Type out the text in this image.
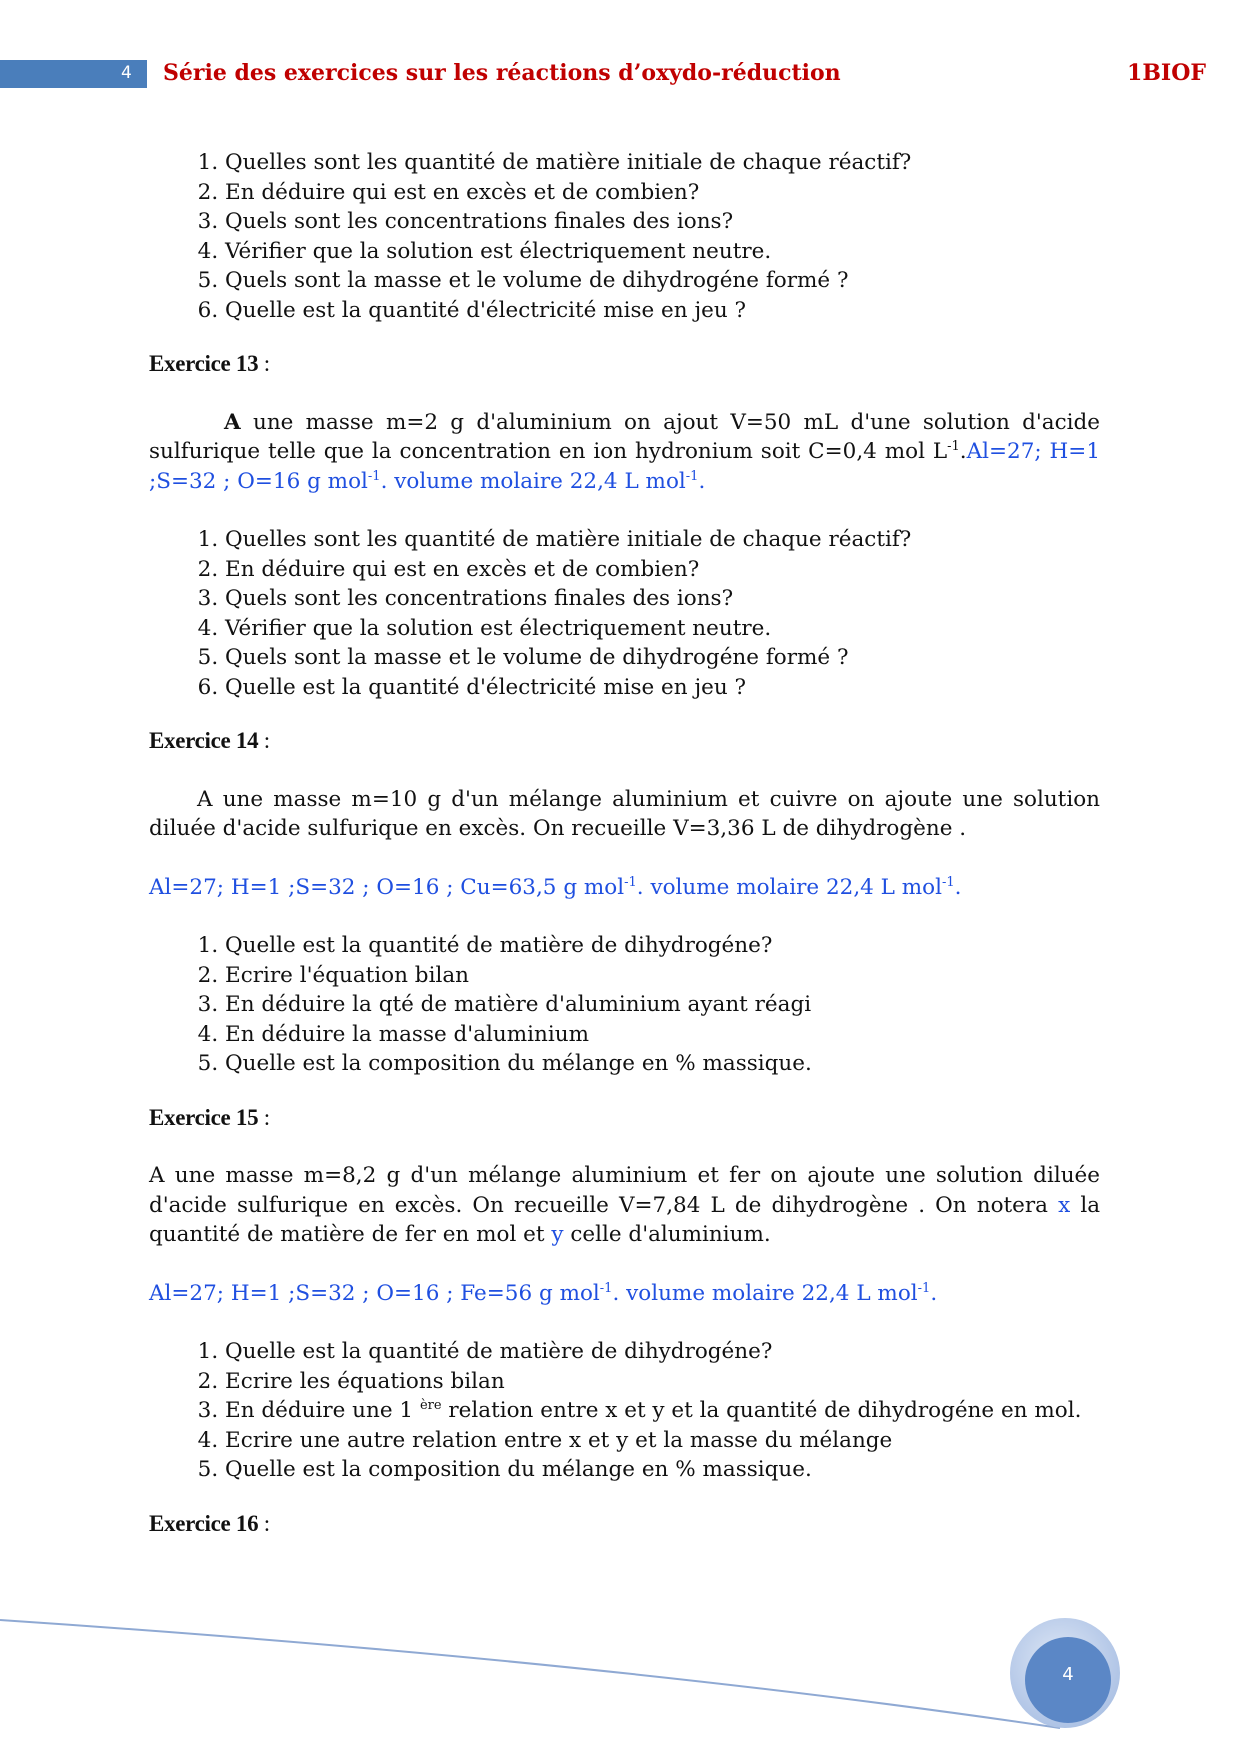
4 Série des exercices sur les réactions d’oxydo-réduction	1BIOF
1. Quelles sont les quantité de matière initiale de chaque réactif?
2. En déduire qui est en excès et de combien?
3. Quels sont les concentrations finales des ions?
4. Vérifier que la solution est électriquement neutre.
5. Quels sont la masse et le volume de dihydrogéne formé ?
6. Quelle est la quantité d'électricité mise en jeu ?
Exercice 13 :

A une masse m=2 g d'aluminium on ajout V=50 mL d'une solution d'acide sulfurique telle que la concentration en ion hydronium soit C=0,4 mol $L^{-1}.Al=27$; H=1 ;S=32 ; O=16 g mol$^{-1}$. volume molaire 22,4 L mol$^{-1}$.

1. Quelles sont les quantité de matière initiale de chaque réactif?
2. En déduire qui est en excès et de combien?
3. Quels sont les concentrations finales des ions?
4. Vérifier que la solution est électriquement neutre.
5. Quels sont la masse et le volume de dihydrogéne formé ?
6. Quelle est la quantité d'électricité mise en jeu ?
Exercice 14 :

A une masse m=10 g d'un mélange aluminium et cuivre on ajoute une solution diluée d'acide sulfurique en excès. On recueille V=3,36 L de dihydrogène .

Al=27; H=1 ;S=32 ; O=16 ; Cu=63,5 g mol$^{-1}$. volume molaire 22,4 L mol$^{-1}$.

1. Quelle est la quantité de matière de dihydrogéne?
2. Ecrire l'équation bilan
3. En déduire la qté de matière d'aluminium ayant réagi
4. En déduire la masse d'aluminium
5. Quelle est la composition du mélange en % massique.
Exercice 15 :

A une masse m=8,2 g d'un mélange aluminium et fer on ajoute une solution diluée d'acide sulfurique en excès. On recueille V=7,84 L de dihydrogène . On notera x la quantité de matière de fer en mol et y celle d'aluminium.

Al=27; H=1 ;S=32 ; O=16 ; Fe=56 g mol$^{-1}$. volume molaire 22,4 L mol$^{-1}$.

1. Quelle est la quantité de matière de dihydrogéne?
2. Ecrire les équations bilan
3. En déduire une 1 $^{ère}$ relation entre x et y et la quantité de dihydrogéne en mol.
4. Ecrire une autre relation entre x et y et la masse du mélange
5. Quelle est la composition du mélange en % massique.
Exercice 16 :
4
